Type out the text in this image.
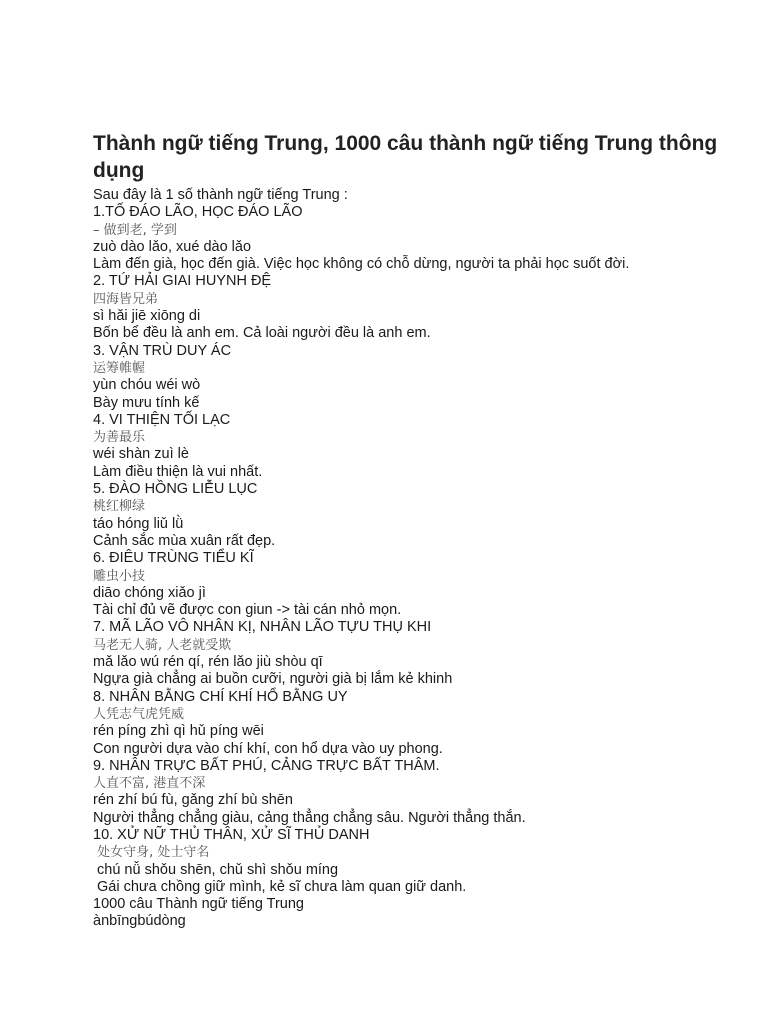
Thành ngữ tiếng Trung, 1000 câu thành ngữ tiếng Trung thông dụng
Sau đây là 1 số thành ngữ tiếng Trung :
1.TỐ ĐÁO LÃO, HỌC ĐÁO LÃO
– 做到老, 学到
zuò dào lǎo, xué dào lǎo
Làm đến già, học đến già. Việc học không có chỗ dừng, người ta phải học suốt đời.
2. TỨ HẢI GIAI HUYNH ĐỆ
四海皆兄弟
sì hǎi jiē xiōng di
Bốn bể đều là anh em. Cả loài người đều là anh em.
3. VẬN TRÙ DUY ÁC
运筹帷幄
yùn chóu wéi wò
Bày mưu tính kế
4. VI THIỆN TỐI LẠC
为善最乐
wéi shàn zuì lè
Làm điều thiện là vui nhất.
5. ĐÀO HỒNG LIỄU LỤC
桃红柳绿
táo hóng liǔ lǜ
Cảnh sắc mùa xuân rất đẹp.
6. ĐIÊU TRÙNG TIỂU KĨ
雕虫小技
diāo chóng xiǎo jì
Tài chỉ đủ vẽ được con giun -> tài cán nhỏ mọn.
7. MÃ LÃO VÔ NHÂN KỊ, NHÂN LÃO TỰU THỤ KHI
马老无人骑, 人老就受欺
mǎ lǎo wú rén qí, rén lǎo jiù shòu qī
Ngựa già chẳng ai buồn cưỡi, người già bị lắm kẻ khinh
8. NHÂN BẰNG CHÍ KHÍ HỔ BẰNG UY
人凭志气虎凭威
rén píng zhì qì hǔ píng wēi
Con người dựa vào chí khí, con hổ dựa vào uy phong.
9. NHÂN TRỰC BẤT PHÚ, CẢNG TRỰC BẤT THÂM.
人直不富, 港直不深
rén zhí bú fù, gǎng zhí bù shēn
Người thẳng chẳng giàu, cảng thẳng chẳng sâu. Người thẳng thắn.
10. XỬ NỮ THỦ THÂN, XỬ SĨ THỦ DANH
处女守身, 处士守名
chú nǚ shǒu shēn, chǔ shì shǒu míng
Gái chưa chồng giữ mình, kẻ sĩ chưa làm quan giữ danh.
1000 câu Thành ngữ tiếng Trung
ànbīngbúdòng
